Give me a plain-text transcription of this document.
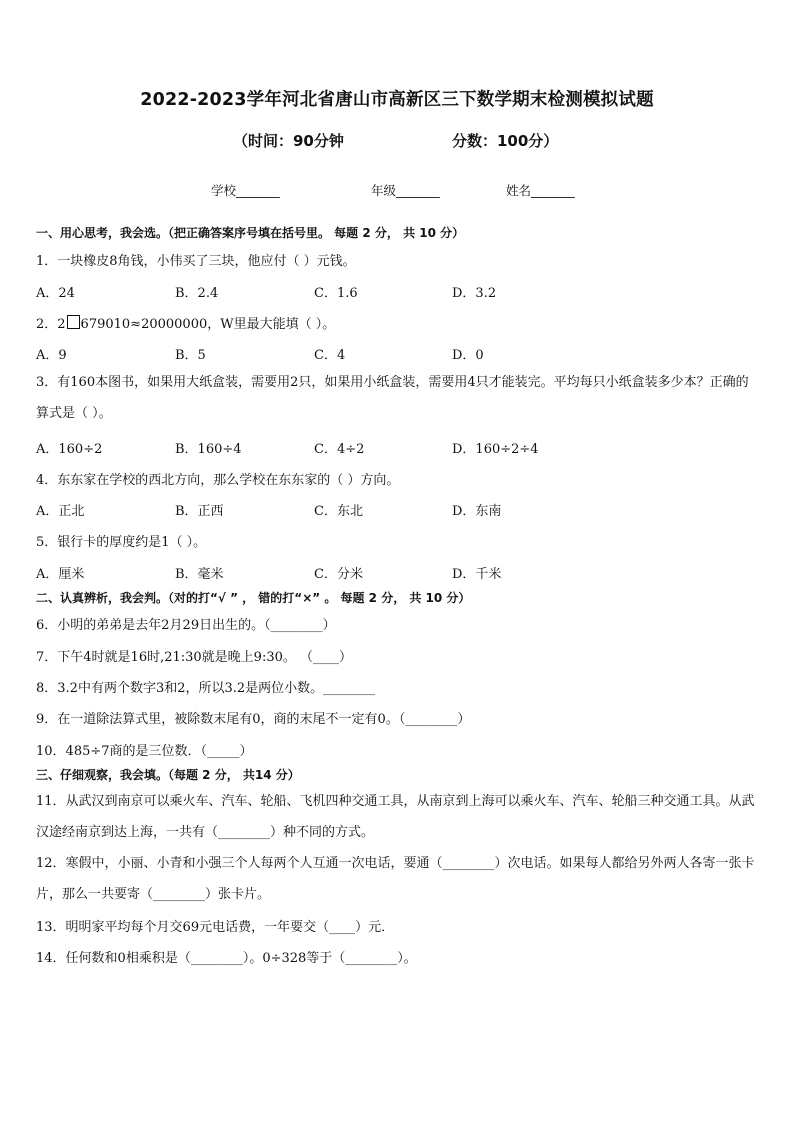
2022-2023学年河北省唐山市高新区三下数学期末检测模拟试题
（时间：90分钟	分数：100分）
学校_______	年级_______	姓名_______
一、用心思考，我会选。（把正确答案序号填在括号里。 每题 2 分， 共 10 分）
1．一块橡皮8角钱，小伟买了三块，他应付（ ）元钱。
A．24	B．2.4	C．1.6	D．3.2
2．2 679010≈20000000，W里最大能填（ ）。
A．9	B．5	C．4	D．0
3．有160本图书，如果用大纸盒装，需要用2只，如果用小纸盒装，需要用4只才能装完。平均每只小纸盒装多少本？正确的算式是（ ）。
A．160÷2	B．160÷4	C．4÷2	D．160÷2÷4
4．东东家在学校的西北方向，那么学校在东东家的（ ）方向。
A．正北	B．正西	C．东北	D．东南
5．银行卡的厚度约是1（ ）。
A．厘米	B．毫米	C．分米	D．千米
二、认真辨析，我会判。（对的打“√ ” ， 错的打“×” 。 每题 2 分， 共 10 分）
6．小明的弟弟是去年2月29日出生的。（________）
7．下午4时就是16时,21:30就是晚上9:30。 （____）
8．3.2中有两个数字3和2，所以3.2是两位小数。________
9．在一道除法算式里，被除数末尾有0，商的末尾不一定有0。（________）
10．485÷7商的是三位数．（_____）
三、仔细观察，我会填。（每题 2 分， 共14 分）
11．从武汉到南京可以乘火车、汽车、轮船、飞机四种交通工具，从南京到上海可以乘火车、汽车、轮船三种交通工具。从武汉途经南京到达上海，一共有（________）种不同的方式。
12．寒假中，小丽、小青和小强三个人每两个人互通一次电话，要通（________）次电话。如果每人都给另外两人各寄一张卡片，那么一共要寄（________）张卡片。
13．明明家平均每个月交69元电话费，一年要交（____）元．
14．任何数和0相乘积是（________）。0÷328等于（________）。
